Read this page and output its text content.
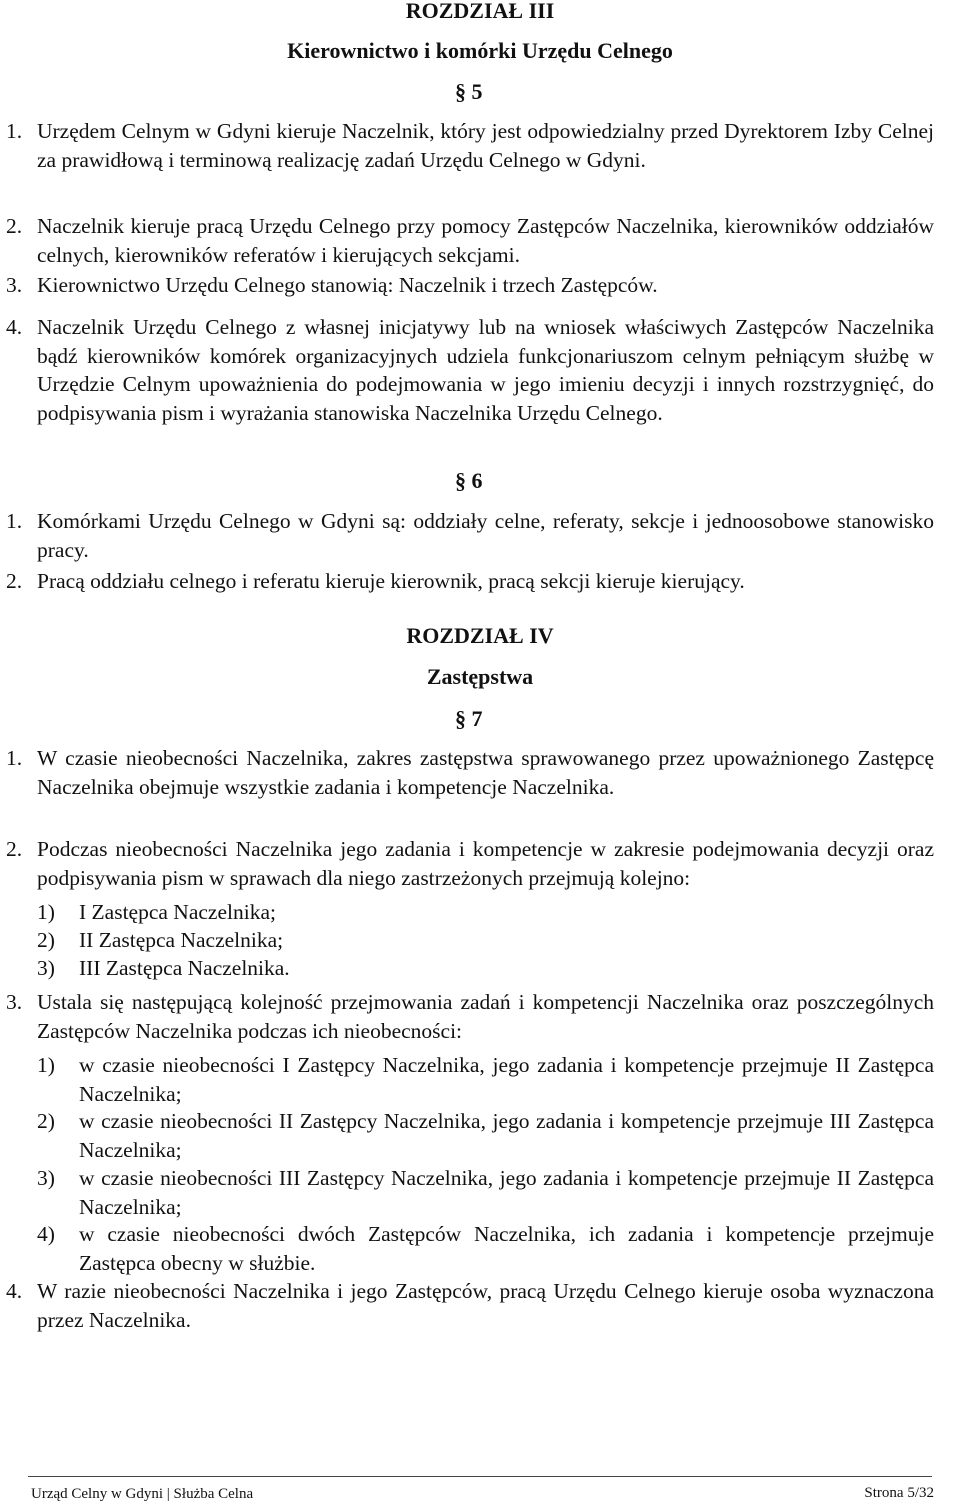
ROZDZIAŁ III
Kierownictwo i komórki Urzędu Celnego
§ 5
1. Urzędem Celnym w Gdyni kieruje Naczelnik, który jest odpowiedzialny przed Dyrektorem Izby Celnej za prawidłową i terminową realizację zadań Urzędu Celnego w Gdyni.
2. Naczelnik kieruje pracą Urzędu Celnego przy pomocy Zastępców Naczelnika, kierowników oddziałów celnych, kierowników referatów i kierujących sekcjami.
3. Kierownictwo Urzędu Celnego stanowią: Naczelnik i trzech Zastępców.
4. Naczelnik Urzędu Celnego z własnej inicjatywy lub na wniosek właściwych Zastępców Naczelnika bądź kierowników komórek organizacyjnych udziela funkcjonariuszom celnym pełniącym służbę w Urzędzie Celnym upoważnienia do podejmowania w jego imieniu decyzji i innych rozstrzygnięć, do podpisywania pism i wyrażania stanowiska Naczelnika Urzędu Celnego.
§ 6
1. Komórkami Urzędu Celnego w Gdyni są: oddziały celne, referaty, sekcje i jednoosobowe stanowisko pracy.
2. Pracą oddziału celnego i referatu kieruje kierownik, pracą sekcji kieruje kierujący.
ROZDZIAŁ IV
Zastępstwa
§ 7
1. W czasie nieobecności Naczelnika, zakres zastępstwa sprawowanego przez upoważnionego Zastępcę Naczelnika obejmuje wszystkie zadania i kompetencje Naczelnika.
2. Podczas nieobecności Naczelnika jego zadania i kompetencje w zakresie podejmowania decyzji oraz podpisywania pism w sprawach dla niego zastrzeżonych przejmują kolejno:
1) I Zastępca Naczelnika;
2) II Zastępca Naczelnika;
3) III Zastępca Naczelnika.
3. Ustala się następującą kolejność przejmowania zadań i kompetencji Naczelnika oraz poszczególnych Zastępców Naczelnika podczas ich nieobecności:
1) w czasie nieobecności I Zastępcy Naczelnika, jego zadania i kompetencje przejmuje II Zastępca Naczelnika;
2) w czasie nieobecności II Zastępcy Naczelnika, jego zadania i kompetencje przejmuje III Zastępca Naczelnika;
3) w czasie nieobecności III Zastępcy Naczelnika, jego zadania i kompetencje przejmuje II Zastępca Naczelnika;
4) w czasie nieobecności dwóch Zastępców Naczelnika, ich zadania i kompetencje przejmuje Zastępca obecny w służbie.
4. W razie nieobecności Naczelnika i jego Zastępców, pracą Urzędu Celnego kieruje osoba wyznaczona przez Naczelnika.
Urząd Celny w Gdyni | Służba Celna	Strona 5/32
